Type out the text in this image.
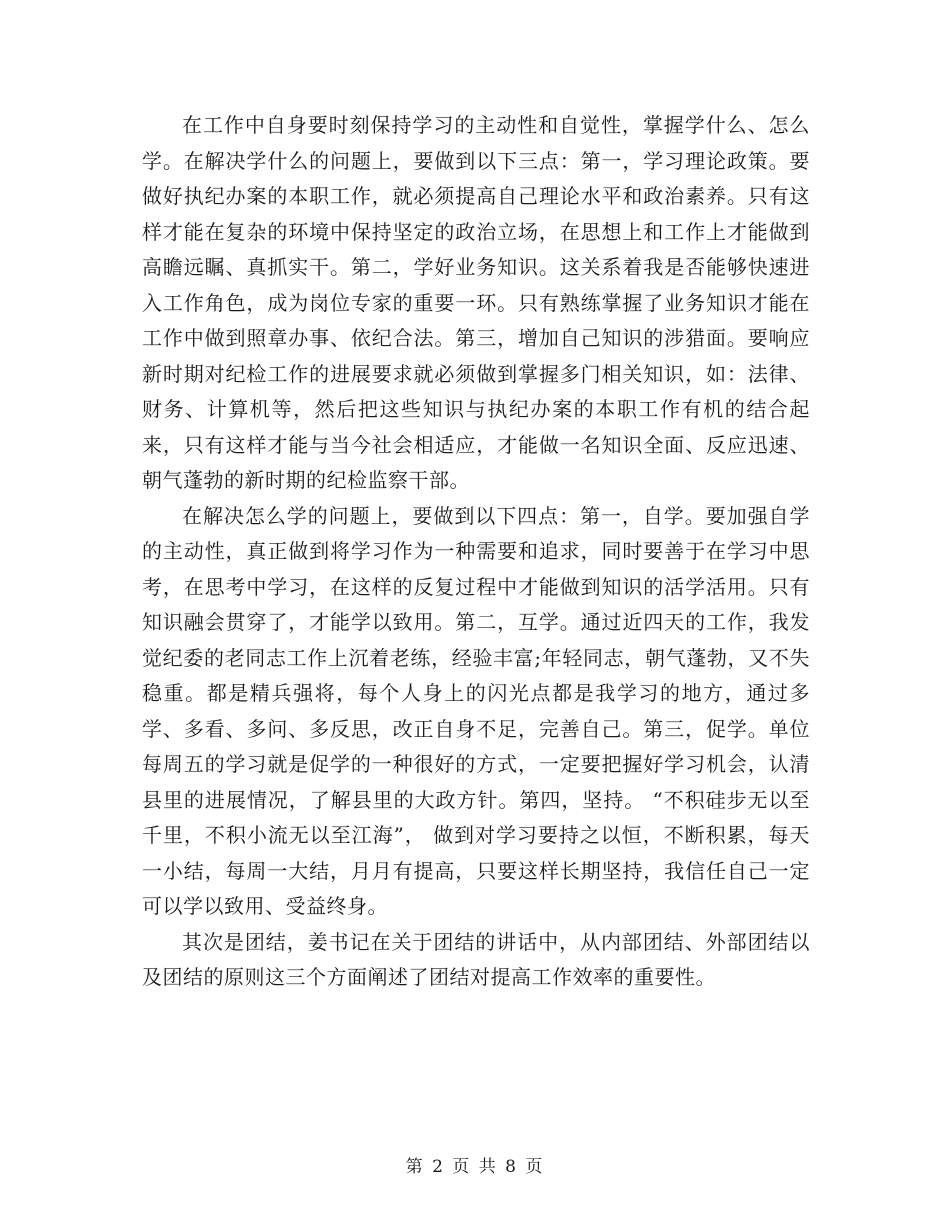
在工作中自身要时刻保持学习的主动性和自觉性，掌握学什么、怎么学。在解决学什么的问题上，要做到以下三点：第一，学习理论政策。要做好执纪办案的本职工作，就必须提高自己理论水平和政治素养。只有这样才能在复杂的环境中保持坚定的政治立场，在思想上和工作上才能做到高瞻远瞩、真抓实干。第二，学好业务知识。这关系着我是否能够快速进入工作角色，成为岗位专家的重要一环。只有熟练掌握了业务知识才能在工作中做到照章办事、依纪合法。第三，增加自己知识的涉猎面。要响应新时期对纪检工作的进展要求就必须做到掌握多门相关知识，如：法律、财务、计算机等，然后把这些知识与执纪办案的本职工作有机的结合起来，只有这样才能与当今社会相适应，才能做一名知识全面、反应迅速、朝气蓬勃的新时期的纪检监察干部。

在解决怎么学的问题上，要做到以下四点：第一，自学。要加强自学的主动性，真正做到将学习作为一种需要和追求，同时要善于在学习中思考，在思考中学习，在这样的反复过程中才能做到知识的活学活用。只有知识融会贯穿了，才能学以致用。第二，互学。通过近四天的工作，我发觉纪委的老同志工作上沉着老练，经验丰富;年轻同志，朝气蓬勃，又不失稳重。都是精兵强将，每个人身上的闪光点都是我学习的地方，通过多学、多看、多问、多反思，改正自身不足，完善自己。第三，促学。单位每周五的学习就是促学的一种很好的方式，一定要把握好学习机会，认清县里的进展情况，了解县里的大政方针。第四，坚持。 “不积硅步无以至千里，不积小流无以至江海”， 做到对学习要持之以恒，不断积累，每天一小结，每周一大结，月月有提高，只要这样长期坚持，我信任自己一定可以学以致用、受益终身。

其次是团结，姜书记在关于团结的讲话中，从内部团结、外部团结以及团结的原则这三个方面阐述了团结对提高工作效率的重要性。

第 2 页 共 8 页
